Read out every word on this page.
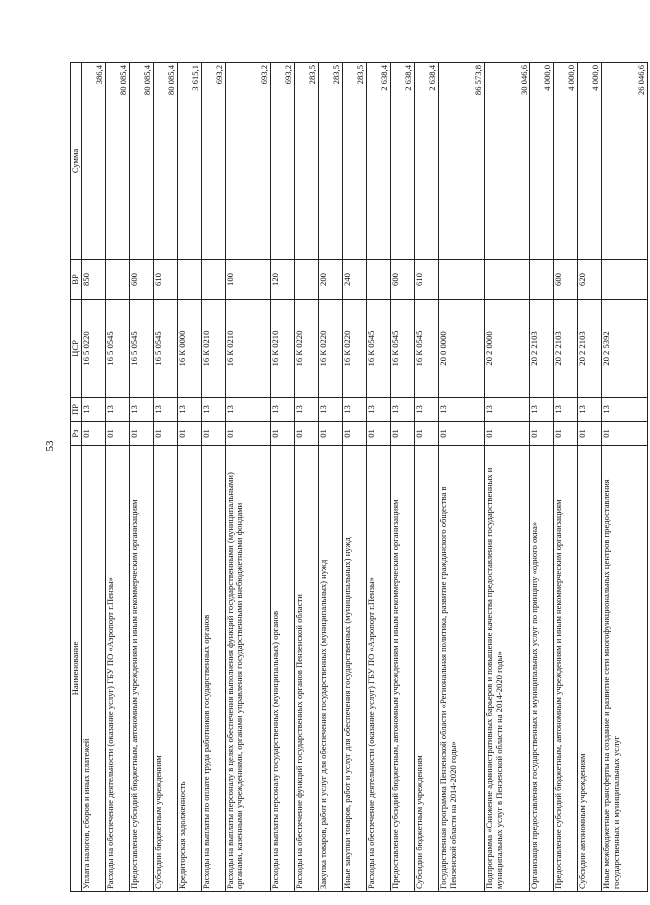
53
Наименование	Рз	ПР	ЦСР	ВР	Сумма
Уплата налогов, сборов и иных платежей	01	13	16 5 0220	850	386,4
Расходы на обеспечение деятельности (оказание услуг) ГБУ ПО «Аэропорт г.Пензы»	01	13	16 5 0545		80 085,4
Предоставление субсидий бюджетным, автономным учреждениям и иным некоммерческим организациям	01	13	16 5 0545	600	80 085,4
Субсидии бюджетным учреждениям	01	13	16 5 0545	610	80 085,4
Кредиторская задолженность	01	13	16 К 0000		3 615,1
Расходы на выплаты по оплате труда работников государственных органов	01	13	16 К 0210		693,2
Расходы на выплаты персоналу в целях обеспечения выполнения функций государственными (муниципальными) органами, казенными учреждениями, органами управления государственными внебюджетными фондами	01	13	16 К 0210	100	693,2
Расходы на выплаты персоналу государственных (муниципальных) органов	01	13	16 К 0210	120	693,2
Расходы на обеспечение функций государственных органов Пензенской области	01	13	16 К 0220		283,5
Закупка товаров, работ и услуг для обеспечения государственных (муниципальных) нужд	01	13	16 К 0220	200	283,5
Иные закупки товаров, работ и услуг для обеспечения государственных (муниципальных) нужд	01	13	16 К 0220	240	283,5
Расходы на обеспечение деятельности (оказание услуг) ГБУ ПО «Аэропорт г.Пензы»	01	13	16 К 0545		2 638,4
Предоставление субсидий бюджетным, автономным учреждениям и иным некоммерческим организациям	01	13	16 К 0545	600	2 638,4
Субсидии бюджетным учреждениям	01	13	16 К 0545	610	2 638,4
Государственная программа Пензенской области «Региональная политика, развитие гражданского общества в Пензенской области на 2014-2020 годы»	01	13	20 0 0000		86 573,8
Подпрограмма «Снижение административных барьеров и повышение качества предоставления государственных и муниципальных услуг в Пензенской области на 2014-2020 годы»	01	13	20 2 0000		30 046,6
Организация предоставления государственных и муниципальных услуг по принципу «одного окна»	01	13	20 2 2103		4 000,0
Предоставление субсидий бюджетным, автономным учреждениям и иным некоммерческим организациям	01	13	20 2 2103	600	4 000,0
Субсидии автономным учреждениям	01	13	20 2 2103	620	4 000,0
Иные межбюджетные трансферты на создание и развитие сети многофункциональных центров предоставления государственных и муниципальных услуг	01	13	20 2 5392		26 046,6
